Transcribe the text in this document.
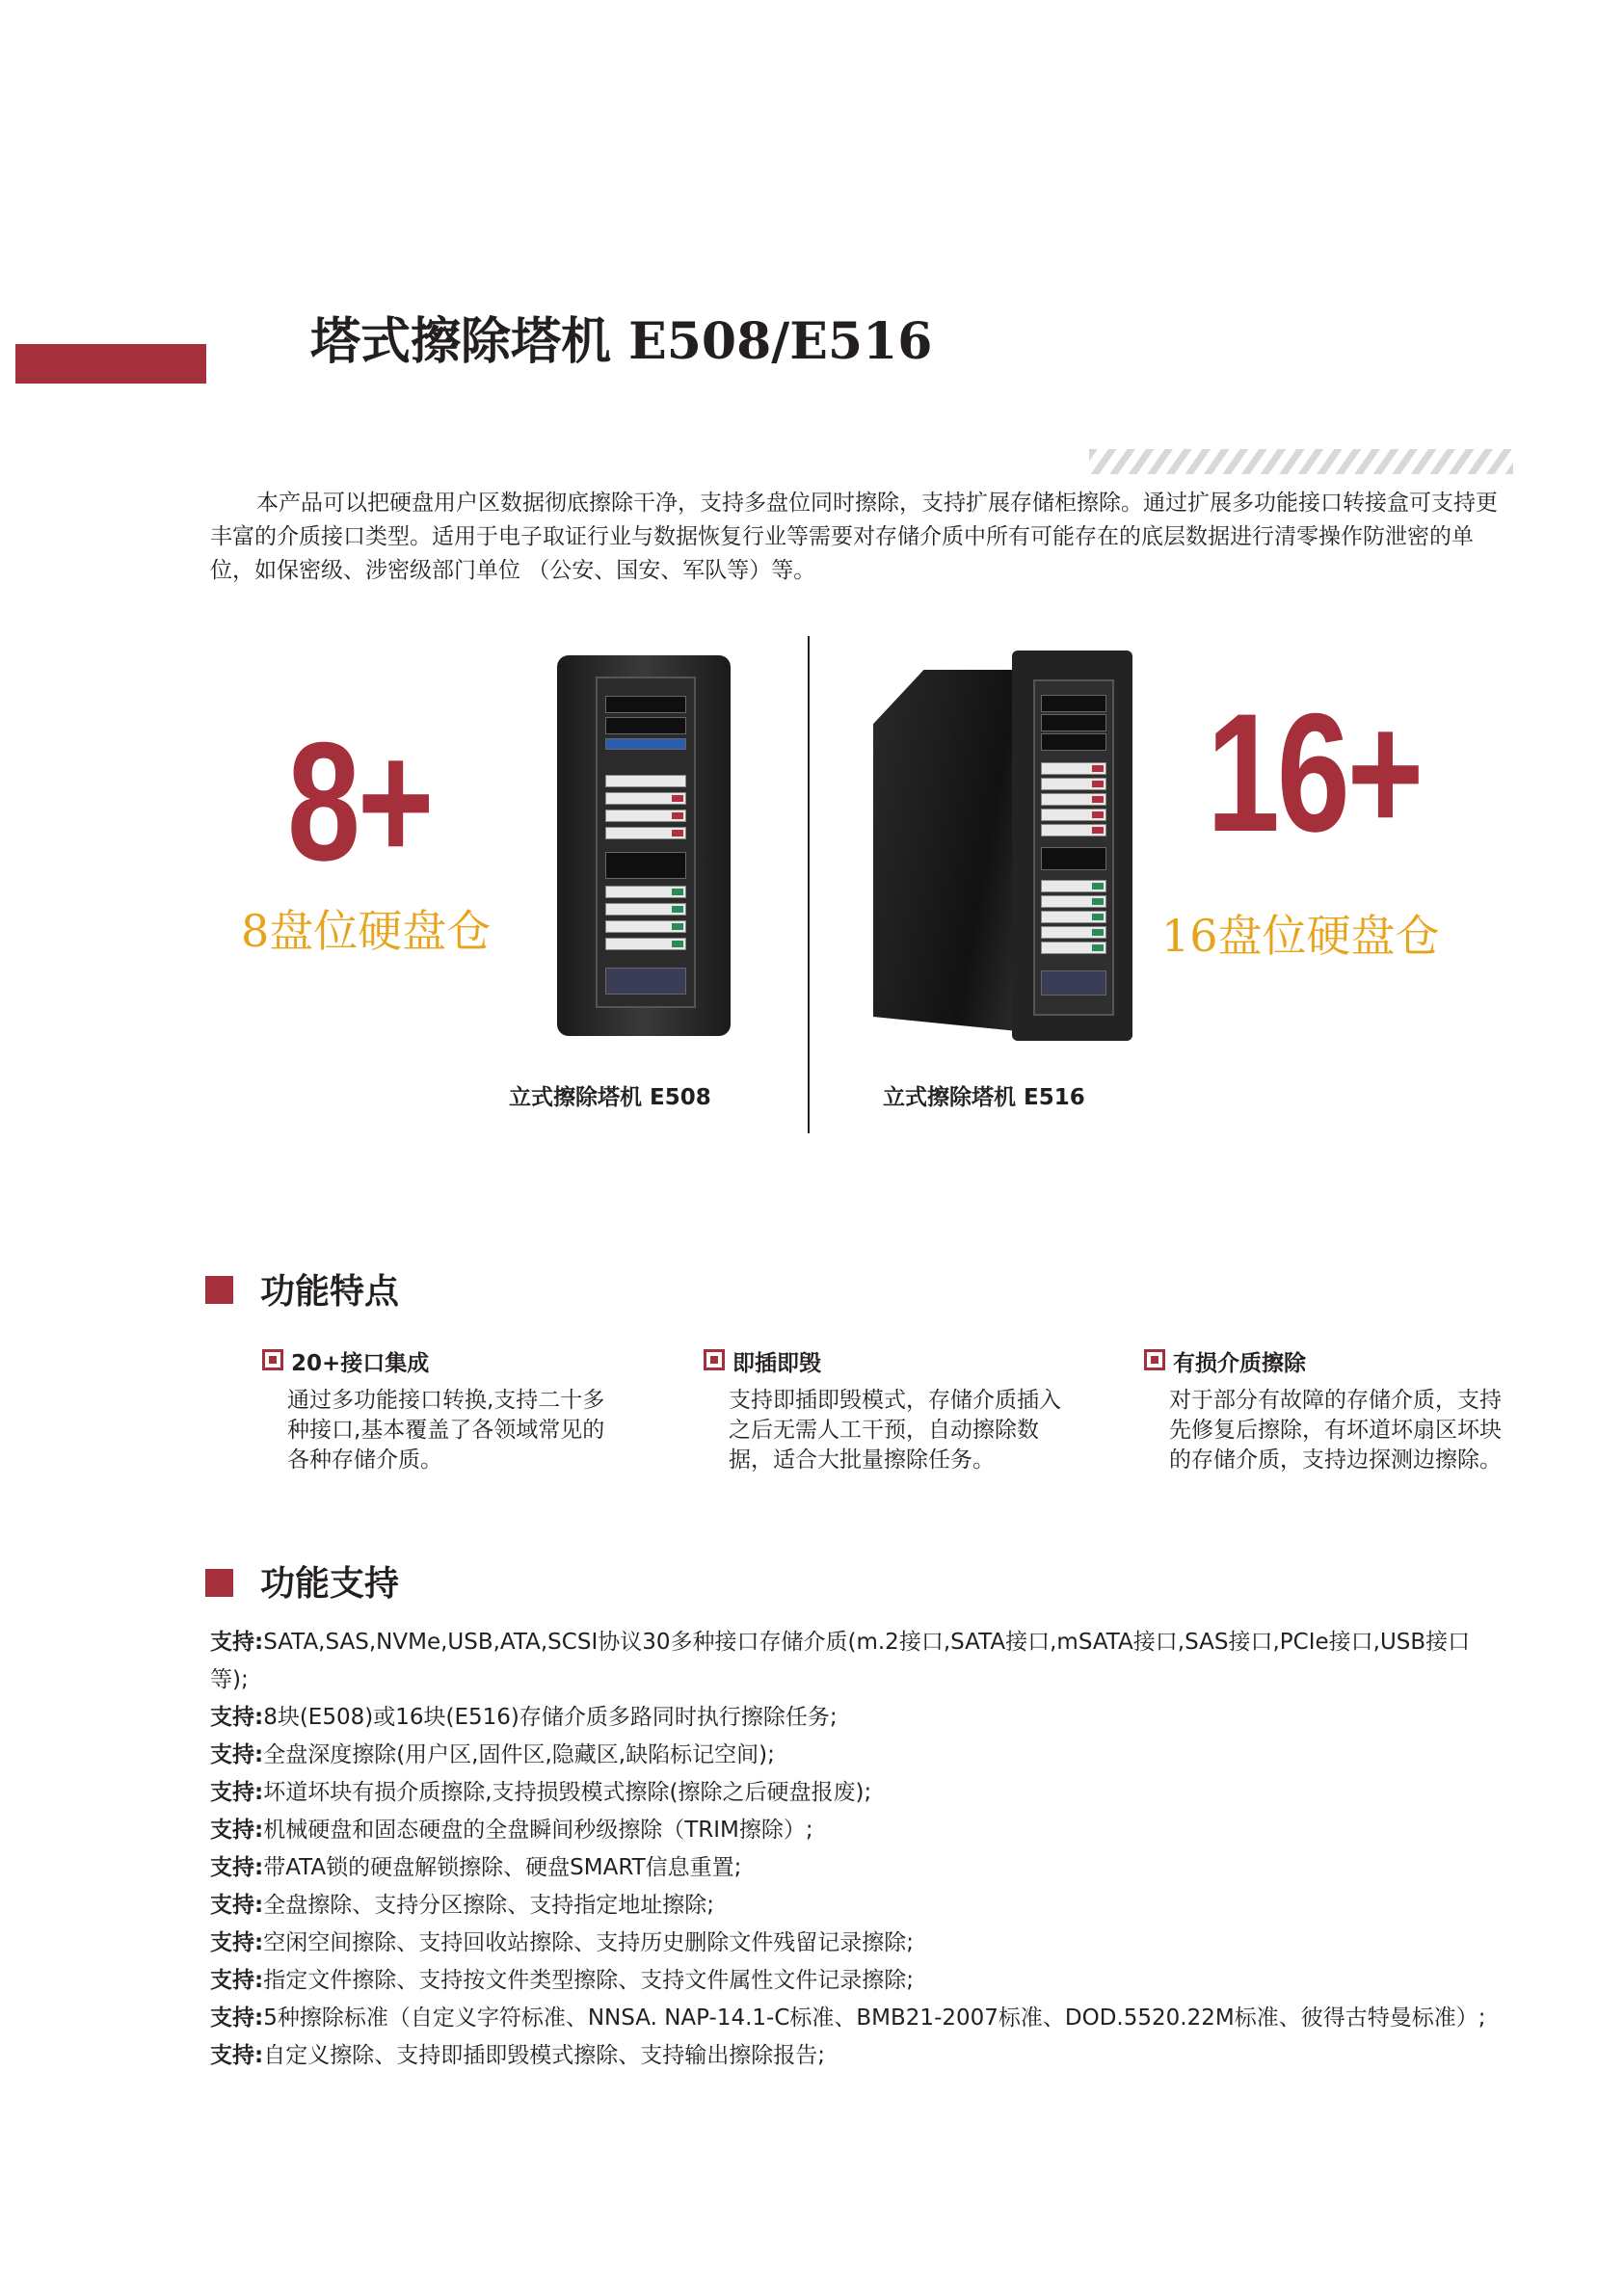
塔式擦除塔机 E508/E516

本产品可以把硬盘用户区数据彻底擦除干净，支持多盘位同时擦除，支持扩展存储柜擦除。通过扩展多功能接口转接盒可支持更丰富的介质接口类型。适用于电子取证行业与数据恢复行业等需要对存储介质中所有可能存在的底层数据进行清零操作防泄密的单位，如保密级、涉密级部门单位 （公安、国安、军队等）等。

8+
8盘位硬盘仓
立式擦除塔机 E508
16+
16盘位硬盘仓
立式擦除塔机 E516
功能特点
20+接口集成

通过多功能接口转换,支持二十多种接口,基本覆盖了各领域常见的各种存储介质。

即插即毁

支持即插即毁模式，存储介质插入之后无需人工干预，自动擦除数据，适合大批量擦除任务。

有损介质擦除

对于部分有故障的存储介质，支持先修复后擦除，有坏道坏扇区坏块的存储介质，支持边探测边擦除。

功能支持
支持:SATA,SAS,NVMe,USB,ATA,SCSI协议30多种接口存储介质(m.2接口,SATA接口,mSATA接口,SAS接口,PCIe接口,USB接口等);
支持:8块(E508)或16块(E516)存储介质多路同时执行擦除任务;
支持:全盘深度擦除(用户区,固件区,隐藏区,缺陷标记空间);
支持:坏道坏块有损介质擦除,支持损毁模式擦除(擦除之后硬盘报废);
支持:机械硬盘和固态硬盘的全盘瞬间秒级擦除（TRIM擦除）;
支持:带ATA锁的硬盘解锁擦除、硬盘SMART信息重置;
支持:全盘擦除、支持分区擦除、支持指定地址擦除;
支持:空闲空间擦除、支持回收站擦除、支持历史删除文件残留记录擦除;
支持:指定文件擦除、支持按文件类型擦除、支持文件属性文件记录擦除;
支持:5种擦除标准（自定义字符标准、NNSA. NAP-14.1-C标准、BMB21-2007标准、DOD.5520.22M标准、彼得古特曼标准）;
支持:自定义擦除、支持即插即毁模式擦除、支持输出擦除报告;
